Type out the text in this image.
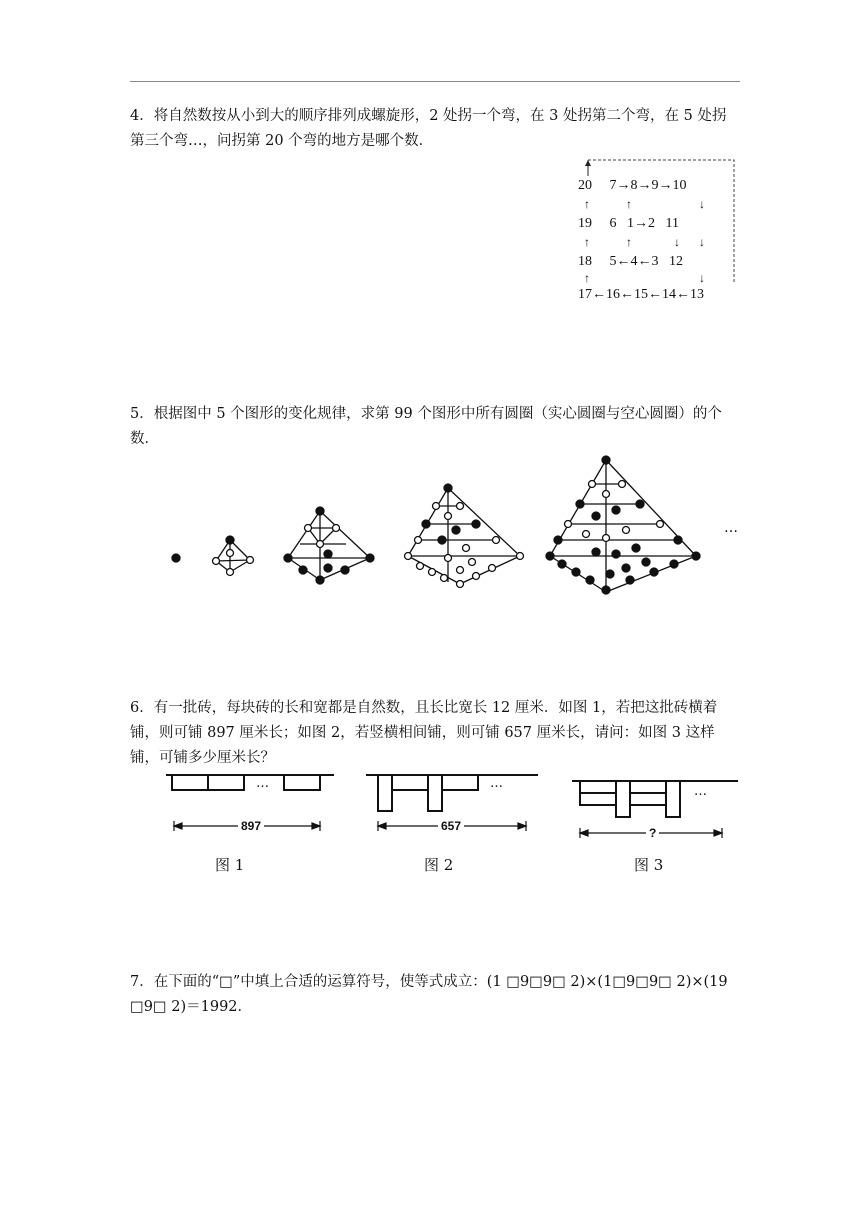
4．将自然数按从小到大的顺序排列成螺旋形，2 处拐一个弯，在 3 处拐第二个弯，在 5 处拐第三个弯…，问拐第 20 个弯的地方是哪个数．
20     7→8→9→10
↑	↑	↓
19     6   1→2   11
↑	↑	↓ ↓
18     5←4←3   12
↑	↓
17←16←15←14←13
5．根据图中 5 个图形的变化规律，求第 99 个图形中所有圆圈（实心圆圈与空心圆圈）的个数．
…
6．有一批砖，每块砖的长和宽都是自然数，且长比宽长 12 厘米．如图 1，若把这批砖横着铺，则可铺 897 厘米长；如图 2，若竖横相间铺，则可铺 657 厘米长，请问：如图 3 这样铺，可铺多少厘米长？
897
…
图 1
657
…
图 2
?
…
图 3
7．在下面的“□”中填上合适的运算符号，使等式成立：(1 □9□9□ 2)×(1□9□9□ 2)×(19 □9□ 2)＝1992．
